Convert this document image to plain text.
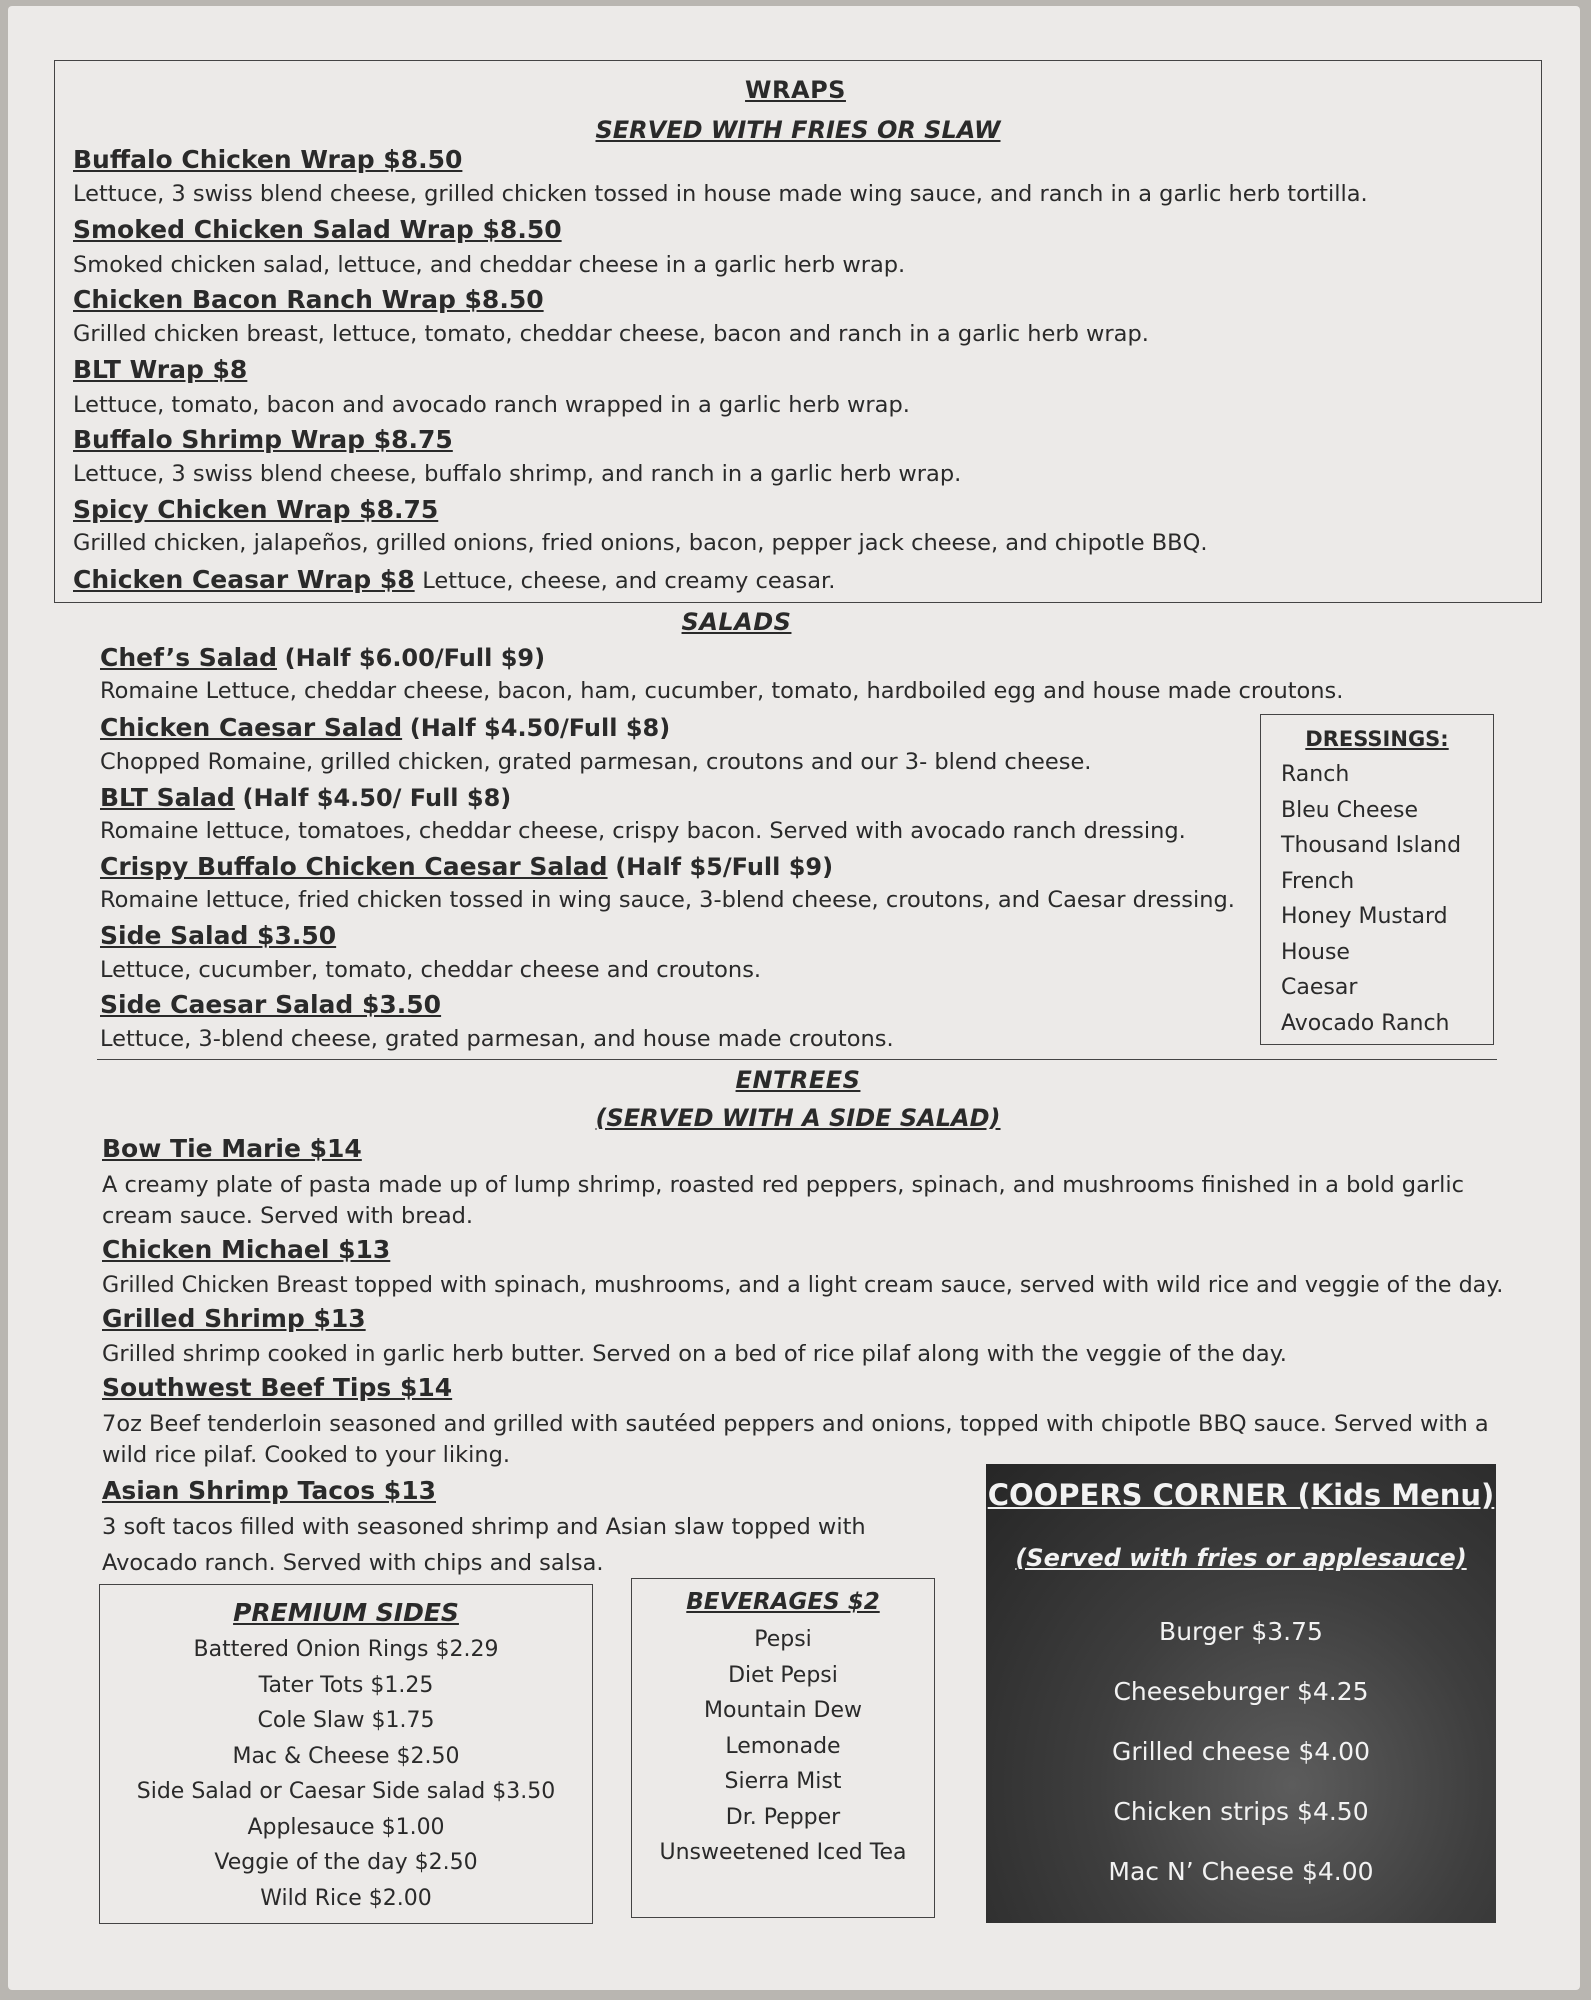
WRAPS
SERVED WITH FRIES OR SLAW
Buffalo Chicken Wrap $8.50
Lettuce, 3 swiss blend cheese, grilled chicken tossed in house made wing sauce, and ranch in a garlic herb tortilla.
Smoked Chicken Salad Wrap $8.50
Smoked chicken salad, lettuce, and cheddar cheese in a garlic herb wrap.
Chicken Bacon Ranch Wrap $8.50
Grilled chicken breast, lettuce, tomato, cheddar cheese, bacon and ranch in a garlic herb wrap.
BLT Wrap $8
Lettuce, tomato, bacon and avocado ranch wrapped in a garlic herb wrap.
Buffalo Shrimp Wrap $8.75
Lettuce, 3 swiss blend cheese, buffalo shrimp, and ranch in a garlic herb wrap.
Spicy Chicken Wrap $8.75
Grilled chicken, jalapeños, grilled onions, fried onions, bacon, pepper jack cheese, and chipotle BBQ.
Chicken Ceasar Wrap $8 Lettuce, cheese, and creamy ceasar.
SALADS
Chef’s Salad (Half $6.00/Full $9)
Romaine Lettuce, cheddar cheese, bacon, ham, cucumber, tomato, hardboiled egg and house made croutons.
Chicken Caesar Salad (Half $4.50/Full $8)
Chopped Romaine, grilled chicken, grated parmesan, croutons and our 3- blend cheese.
BLT Salad (Half $4.50/ Full $8)
Romaine lettuce, tomatoes, cheddar cheese, crispy bacon. Served with avocado ranch dressing.
Crispy Buffalo Chicken Caesar Salad (Half $5/Full $9)
Romaine lettuce, fried chicken tossed in wing sauce, 3-blend cheese, croutons, and Caesar dressing.
Side Salad $3.50
Lettuce, cucumber, tomato, cheddar cheese and croutons.
Side Caesar Salad $3.50
Lettuce, 3-blend cheese, grated parmesan, and house made croutons.
DRESSINGS:
Ranch
Bleu Cheese
Thousand Island
French
Honey Mustard
House
Caesar
Avocado Ranch
ENTREES
(SERVED WITH A SIDE SALAD)
Bow Tie Marie $14
A creamy plate of pasta made up of lump shrimp, roasted red peppers, spinach, and mushrooms finished in a bold garlic
cream sauce. Served with bread.
Chicken Michael $13
Grilled Chicken Breast topped with spinach, mushrooms, and a light cream sauce, served with wild rice and veggie of the day.
Grilled Shrimp $13
Grilled shrimp cooked in garlic herb butter. Served on a bed of rice pilaf along with the veggie of the day.
Southwest Beef Tips $14
7oz Beef tenderloin seasoned and grilled with sautéed peppers and onions, topped with chipotle BBQ sauce. Served with a
wild rice pilaf. Cooked to your liking.
Asian Shrimp Tacos $13
3 soft tacos filled with seasoned shrimp and Asian slaw topped with
Avocado ranch. Served with chips and salsa.
PREMIUM SIDES
Battered Onion Rings $2.29
Tater Tots $1.25
Cole Slaw $1.75
Mac & Cheese $2.50
Side Salad or Caesar Side salad $3.50
Applesauce $1.00
Veggie of the day $2.50
Wild Rice $2.00
BEVERAGES $2
Pepsi
Diet Pepsi
Mountain Dew
Lemonade
Sierra Mist
Dr. Pepper
Unsweetened Iced Tea
COOPERS CORNER (Kids Menu)
(Served with fries or applesauce)
Burger $3.75
Cheeseburger $4.25
Grilled cheese $4.00
Chicken strips $4.50
Mac N’ Cheese $4.00
